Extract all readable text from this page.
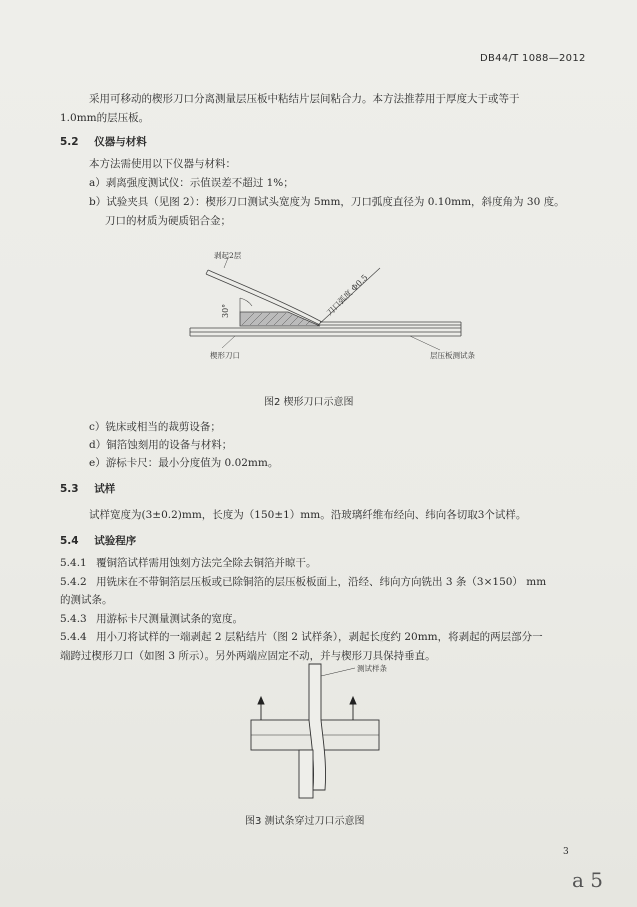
DB44/T 1088—2012
采用可移动的楔形刀口分离测量层压板中粘结片层间粘合力。本方法推荐用于厚度大于或等于
1.0mm的层压板。
5.2 仪器与材料
本方法需使用以下仪器与材料：
a）剥离强度测试仪：示值误差不超过 1%；
b）试验夹具（见图 2）：楔形刀口测试头宽度为 5mm，刀口弧度直径为 0.10mm，斜度角为 30 度。
刀口的材质为硬质铝合金；
30°
剥起2层
刀口弧度 Φ0.5
楔形刀口	层压板测试条
图2 楔形刀口示意图
c）铣床或相当的裁剪设备；
d）铜箔蚀刻用的设备与材料；
e）游标卡尺：最小分度值为 0.02mm。
5.3 试样
试样宽度为(3±0.2)mm，长度为（150±1）mm。沿玻璃纤维布经向、纬向各切取3个试样。
5.4 试验程序
5.4.1 覆铜箔试样需用蚀刻方法完全除去铜箔并晾干。
5.4.2 用铣床在不带铜箔层压板或已除铜箔的层压板板面上，沿经、纬向方向铣出 3 条（3×150） mm
的测试条。
5.4.3 用游标卡尺测量测试条的宽度。
5.4.4 用小刀将试样的一端剥起 2 层粘结片（图 2 试样条），剥起长度约 20mm，将剥起的两层部分一
端跨过楔形刀口（如图 3 所示）。另外两端应固定不动，并与楔形刀具保持垂直。
测试样条
图3 测试条穿过刀口示意图
3
a 5
